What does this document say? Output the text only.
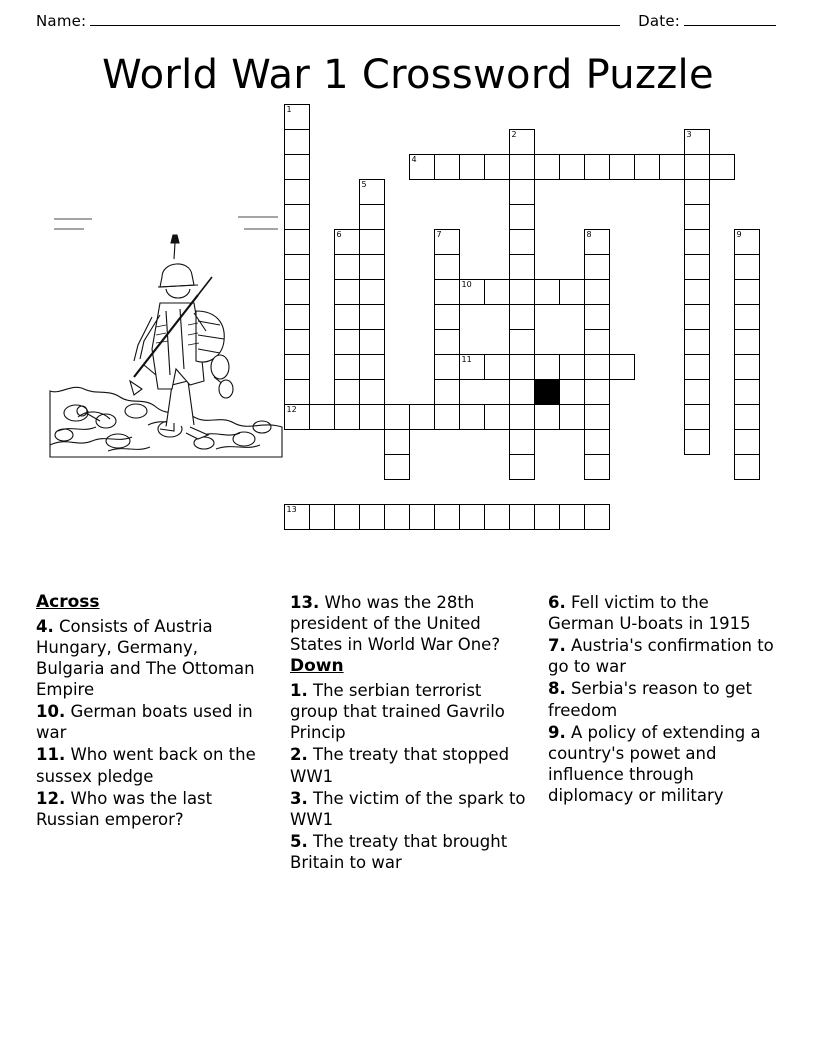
Name:	Date:
World War 1 Crossword Puzzle
1
2	3
4
5
6	7	8	9
10
11
12
13
Across
4. Consists of Austria Hungary, Germany, Bulgaria and The Ottoman Empire
10. German boats used in war
11. Who went back on the sussex pledge
12. Who was the last Russian emperor?
13. Who was the 28th president of the United States in World War One?
Down
1. The serbian terrorist group that trained Gavrilo Princip
2. The treaty that stopped WW1
3. The victim of the spark to WW1
5. The treaty that brought Britain to war
6. Fell victim to the German U-boats in 1915
7. Austria's confirmation to go to war
8. Serbia's reason to get freedom
9. A policy of extending a country's powet and influence through diplomacy or military
